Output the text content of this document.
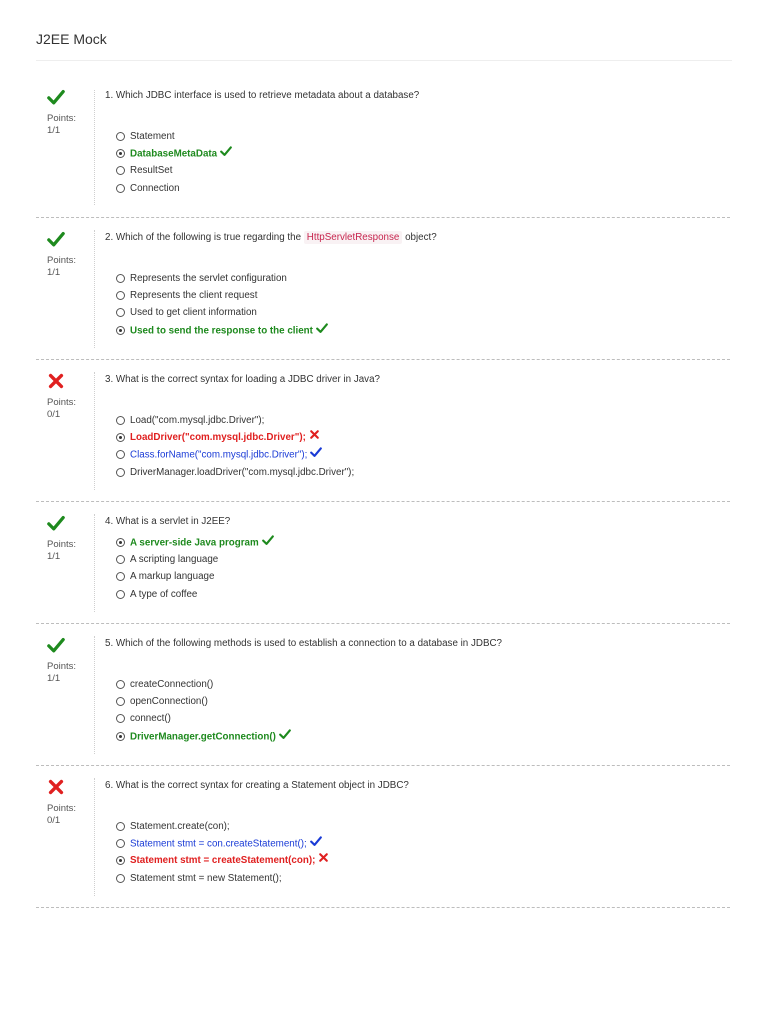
J2EE Mock
Points:
1/1
1. Which JDBC interface is used to retrieve metadata about a database?
Statement
DatabaseMetaData
ResultSet
Connection
Points:
1/1
2. Which of the following is true regarding the HttpServletResponse object?
Represents the servlet configuration
Represents the client request
Used to get client information
Used to send the response to the client
Points:
0/1
3. What is the correct syntax for loading a JDBC driver in Java?
Load("com.mysql.jdbc.Driver");
LoadDriver("com.mysql.jdbc.Driver");
Class.forName("com.mysql.jdbc.Driver");
DriverManager.loadDriver("com.mysql.jdbc.Driver");
Points:
1/1
4. What is a servlet in J2EE?
A server-side Java program
A scripting language
A markup language
A type of coffee
Points:
1/1
5. Which of the following methods is used to establish a connection to a database in JDBC?
createConnection()
openConnection()
connect()
DriverManager.getConnection()
Points:
0/1
6. What is the correct syntax for creating a Statement object in JDBC?
Statement.create(con);
Statement stmt = con.createStatement();
Statement stmt = createStatement(con);
Statement stmt = new Statement();
